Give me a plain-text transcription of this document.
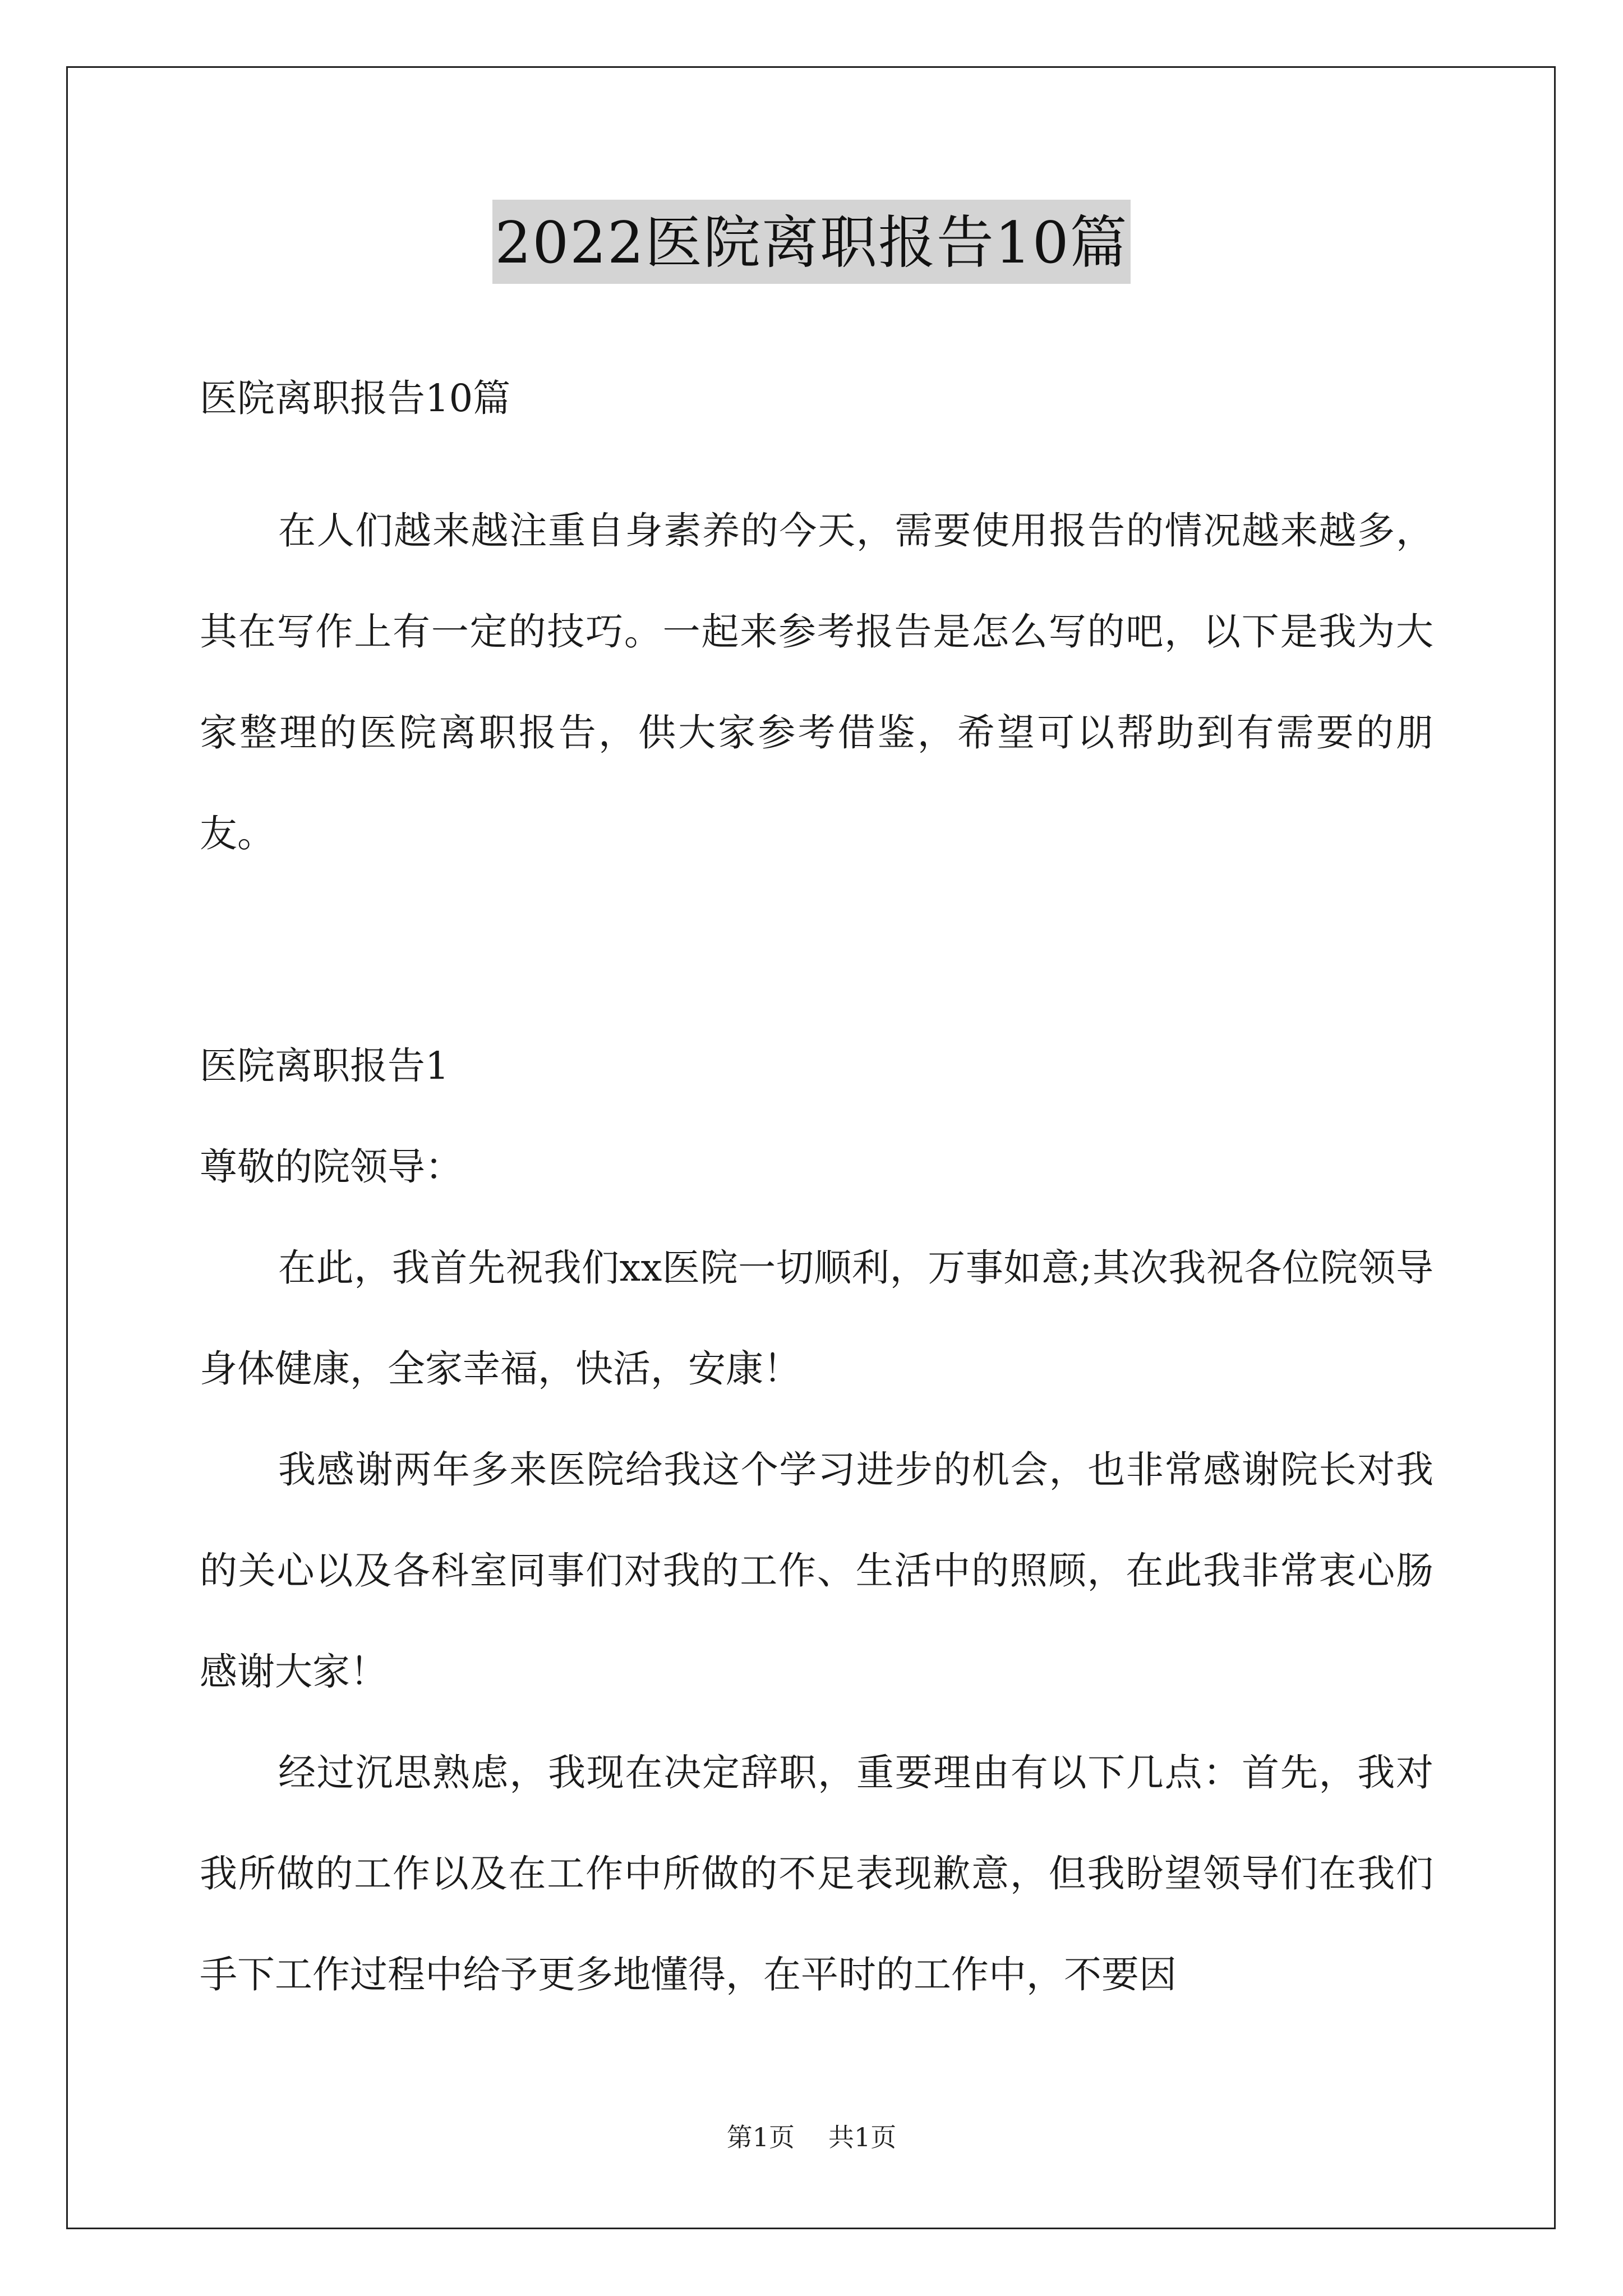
2022医院离职报告10篇

医院离职报告10篇

在人们越来越注重自身素养的今天，需要使用报告的情况越来越多，其在写作上有一定的技巧。一起来参考报告是怎么写的吧，以下是我为大家整理的医院离职报告，供大家参考借鉴，希望可以帮助到有需要的朋友。

医院离职报告1

尊敬的院领导：

在此，我首先祝我们xx医院一切顺利，万事如意;其次我祝各位院领导身体健康，全家幸福，快活，安康！

我感谢两年多来医院给我这个学习进步的机会，也非常感谢院长对我的关心以及各科室同事们对我的工作、生活中的照顾，在此我非常衷心肠感谢大家！

经过沉思熟虑，我现在决定辞职，重要理由有以下几点：首先，我对我所做的工作以及在工作中所做的不足表现歉意，但我盼望领导们在我们手下工作过程中给予更多地懂得，在平时的工作中，不要因

第1页 共1页
